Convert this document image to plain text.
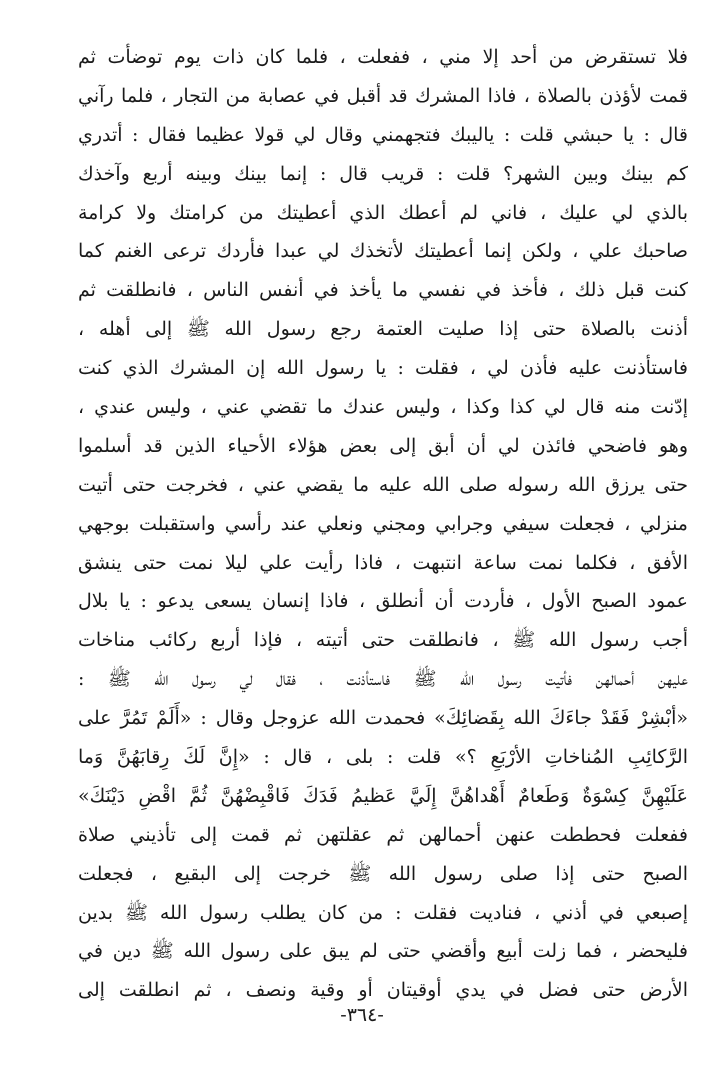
فلا تستقرض من أحد إلا مني ، ففعلت ، فلما كان ذات يوم توضأت ثم
قمت لأؤذن بالصلاة ، فاذا المشرك قد أقبل في عصابة من التجار ، فلما رآني
قال : يا حبشي قلت : ياليبك فتجهمني وقال لي قولا عظيما فقال : أتدري
كم بينك وبين الشهر؟ قلت : قريب قال : إنما بينك وبينه أربع وآخذك
بالذي لي عليك ، فاني لم أعطك الذي أعطيتك من كرامتك ولا كرامة
صاحبك علي ، ولكن إنما أعطيتك لأتخذك لي عبدا فأردك ترعى الغنم كما
كنت قبل ذلك ، فأخذ في نفسي ما يأخذ في أنفس الناس ، فانطلقت ثم
أذنت بالصلاة حتى إذا صليت العتمة رجع رسول الله ﷺ إلى أهله ،
فاستأذنت عليه فأذن لي ، فقلت : يا رسول الله إن المشرك الذي كنت
إدّنت منه قال لي كذا وكذا ، وليس عندك ما تقضي عني ، وليس عندي ،
وهو فاضحي فائذن لي أن أبق إلى بعض هؤلاء الأحياء الذين قد أسلموا
حتى يرزق الله رسوله صلى الله عليه ما يقضي عني ، فخرجت حتى أتيت
منزلي ، فجعلت سيفي وجرابي ومجني ونعلي عند رأسي واستقبلت بوجهي
الأفق ، فكلما نمت ساعة انتبهت ، فاذا رأيت علي ليلا نمت حتى ينشق
عمود الصبح الأول ، فأردت أن أنطلق ، فاذا إنسان يسعى يدعو : يا بلال
أجب رسول الله ﷺ ، فانطلقت حتى أتيته ، فإذا أربع ركائب مناخات
عليهن أحمالهن فأتيت رسول الله ﷺ فاستأذنت ، فقال لي رسول الله ﷺ :
«أبْشِرْ فَقَدْ جاءَكَ الله بِقَضائِكَ» فحمدت الله عزوجل وقال : «أَلَمْ تَمُرَّ على
الرَّكائِبِ المُناخاتِ الأرْبَعِ ؟» قلت : بلى ، قال : «إِنَّ لَكَ رِقابَهُنَّ وَما
عَلَيْهِنَّ كِسْوَةٌ وَطَعامٌ أَهْداهُنَّ إِلَيَّ عَظيمُ فَدَكَ فَاقْبِضْهُنَّ ثُمَّ اقْضِ دَيْنَكَ»
ففعلت فحططت عنهن أحمالهن ثم عقلتهن ثم قمت إلى تأذيني صلاة
الصبح حتى إذا صلى رسول الله ﷺ خرجت إلى البقيع ، فجعلت
إصبعي في أذني ، فناديت فقلت : من كان يطلب رسول الله ﷺ بدين
فليحضر ، فما زلت أبيع وأقضي حتى لم يبق على رسول الله ﷺ دين في
الأرض حتى فضل في يدي أوقيتان أو وقية ونصف ، ثم انطلقت إلى
-٣٦٤-
